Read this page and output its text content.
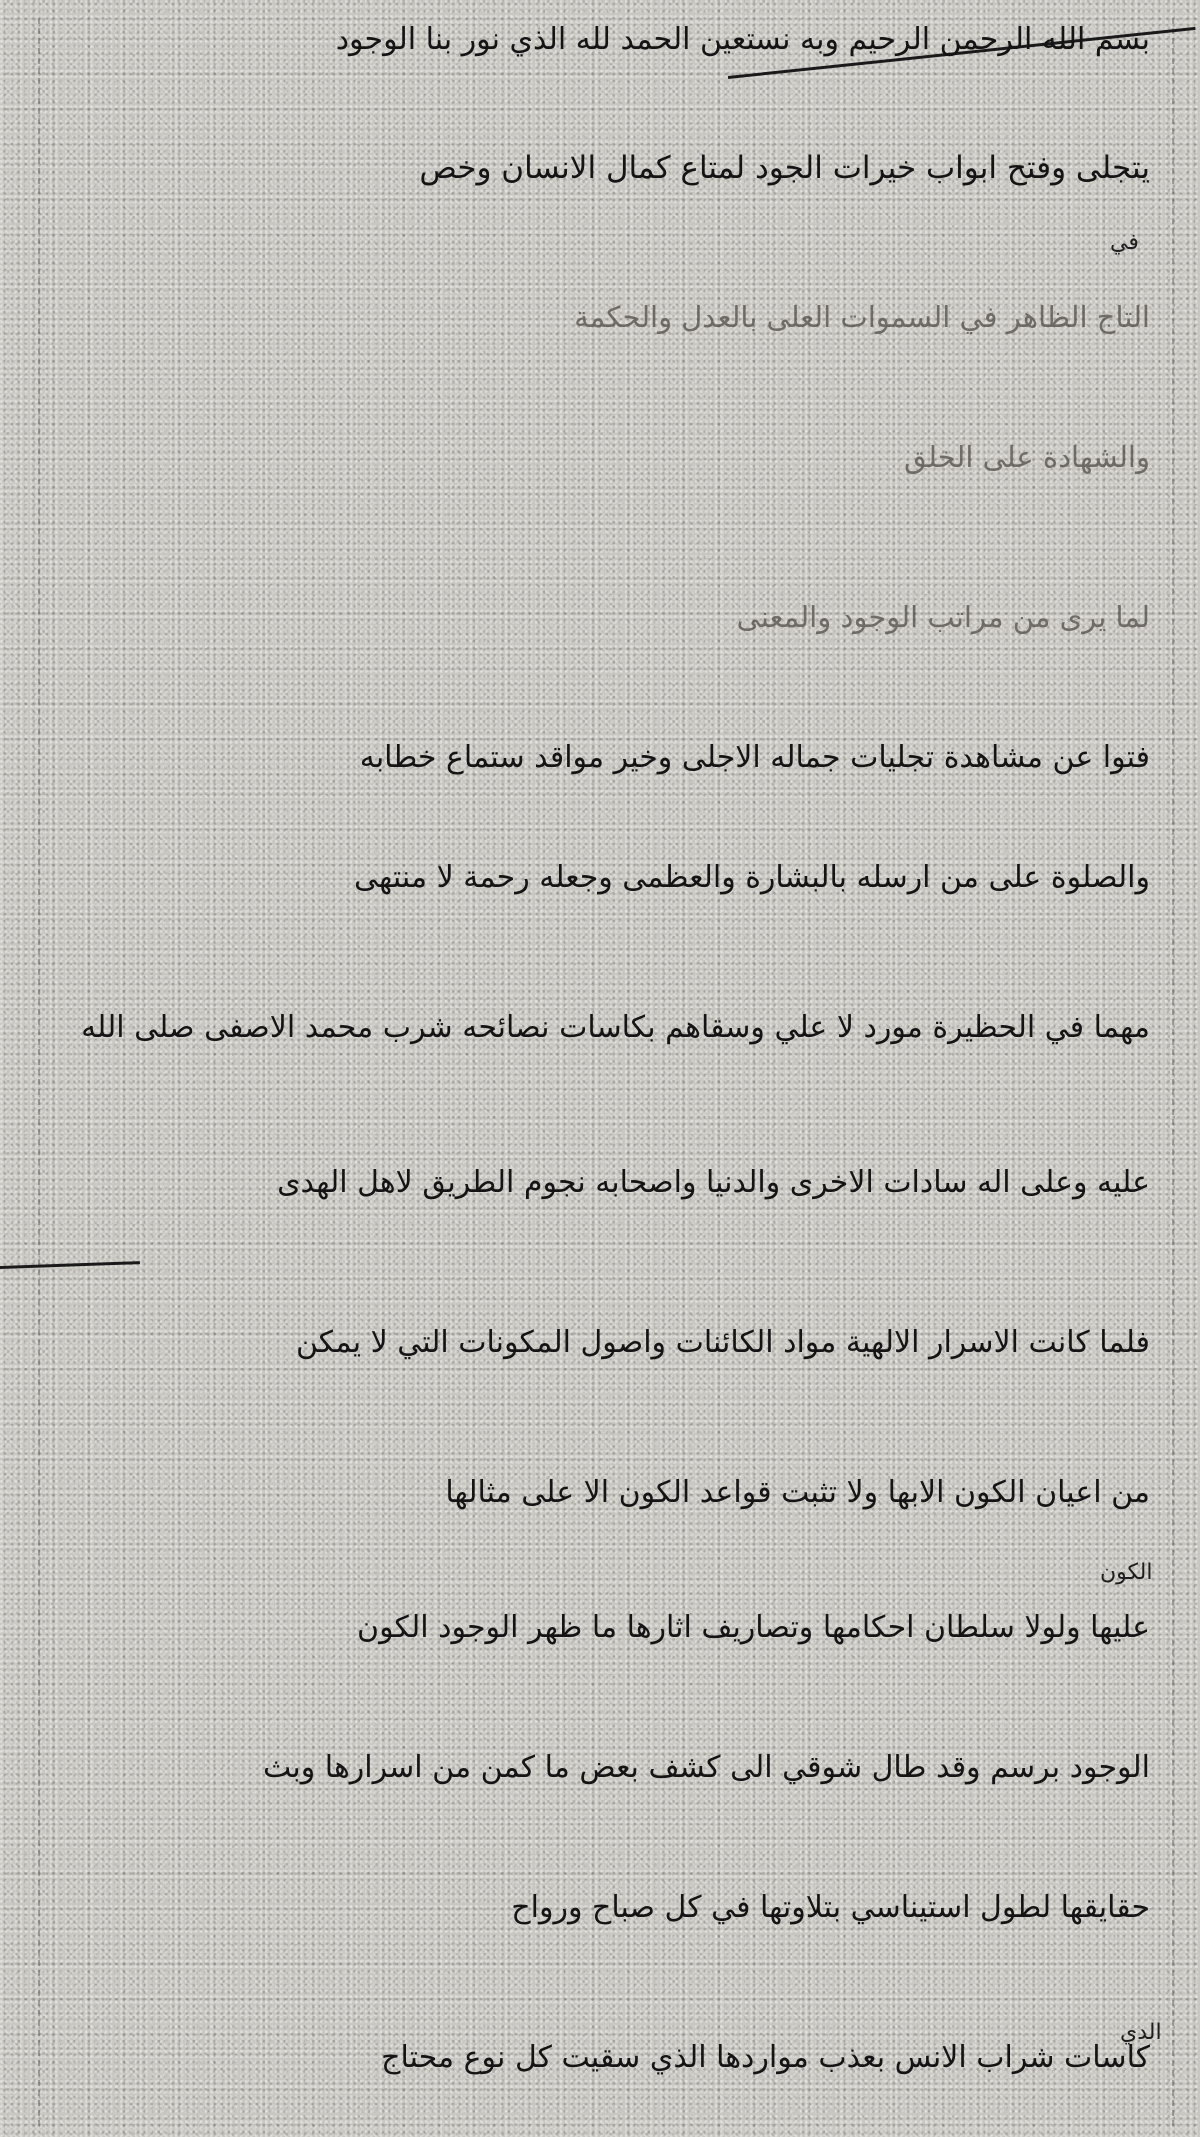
بسم الله الرحمن الرحيم وبه نستعين الحمد لله الذي نور بنا الوجود
يتجلى وفتح ابواب خيرات الجود لمتاع كمال الانسان وخص
التاج الظاهر في السموات العلى بالعدل والحكمة
والشهادة على الخلق
لما يرى من مراتب الوجود والمعنى
فتوا عن مشاهدة تجليات جماله الاجلى وخير مواقد ستماع خطابه
والصلوة على من ارسله بالبشارة والعظمى وجعله رحمة لا منتهى
مهما في الحظيرة مورد لا علي وسقاهم بكاسات نصائحه شرب محمد الاصفى صلى الله
عليه وعلى اله سادات الاخرى والدنيا واصحابه نجوم الطريق لاهل الهدى
فلما كانت الاسرار الالهية مواد الكائنات واصول المكونات التي لا يمكن
من اعيان الكون الابها ولا تثبت قواعد الكون الا على مثالها
عليها ولولا سلطان احكامها وتصاريف اثارها ما ظهر الوجود الكون
الوجود برسم وقد طال شوقي الى كشف بعض ما كمن من اسرارها وبث
حقايقها لطول استيناسي بتلاوتها في كل صباح ورواح
كاسات شراب الانس بعذب مواردها الذي سقيت كل نوع محتاج
في
الكون
الدي
